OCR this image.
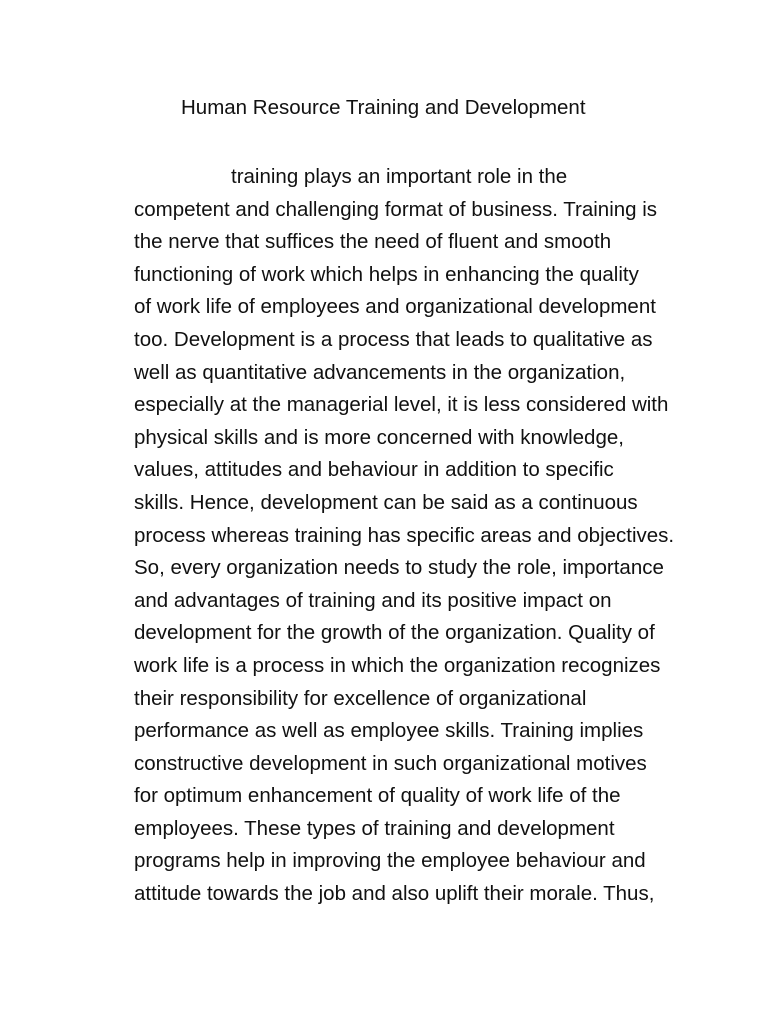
Human Resource Training and Development
training plays an important role in the
competent and challenging format of business. Training is
the nerve that suffices the need of fluent and smooth
functioning of work which helps in enhancing the quality
of work life of employees and organizational development
too. Development is a process that leads to qualitative as
well as quantitative advancements in the organization,
especially at the managerial level, it is less considered with
physical skills and is more concerned with knowledge,
values, attitudes and behaviour in addition to specific
skills. Hence, development can be said as a continuous
process whereas training has specific areas and objectives.
So, every organization needs to study the role, importance
and advantages of training and its positive impact on
development for the growth of the organization. Quality of
work life is a process in which the organization recognizes
their responsibility for excellence of organizational
performance as well as employee skills. Training implies
constructive development in such organizational motives
for optimum enhancement of quality of work life of the
employees. These types of training and development
programs help in improving the employee behaviour and
attitude towards the job and also uplift their morale. Thus,
